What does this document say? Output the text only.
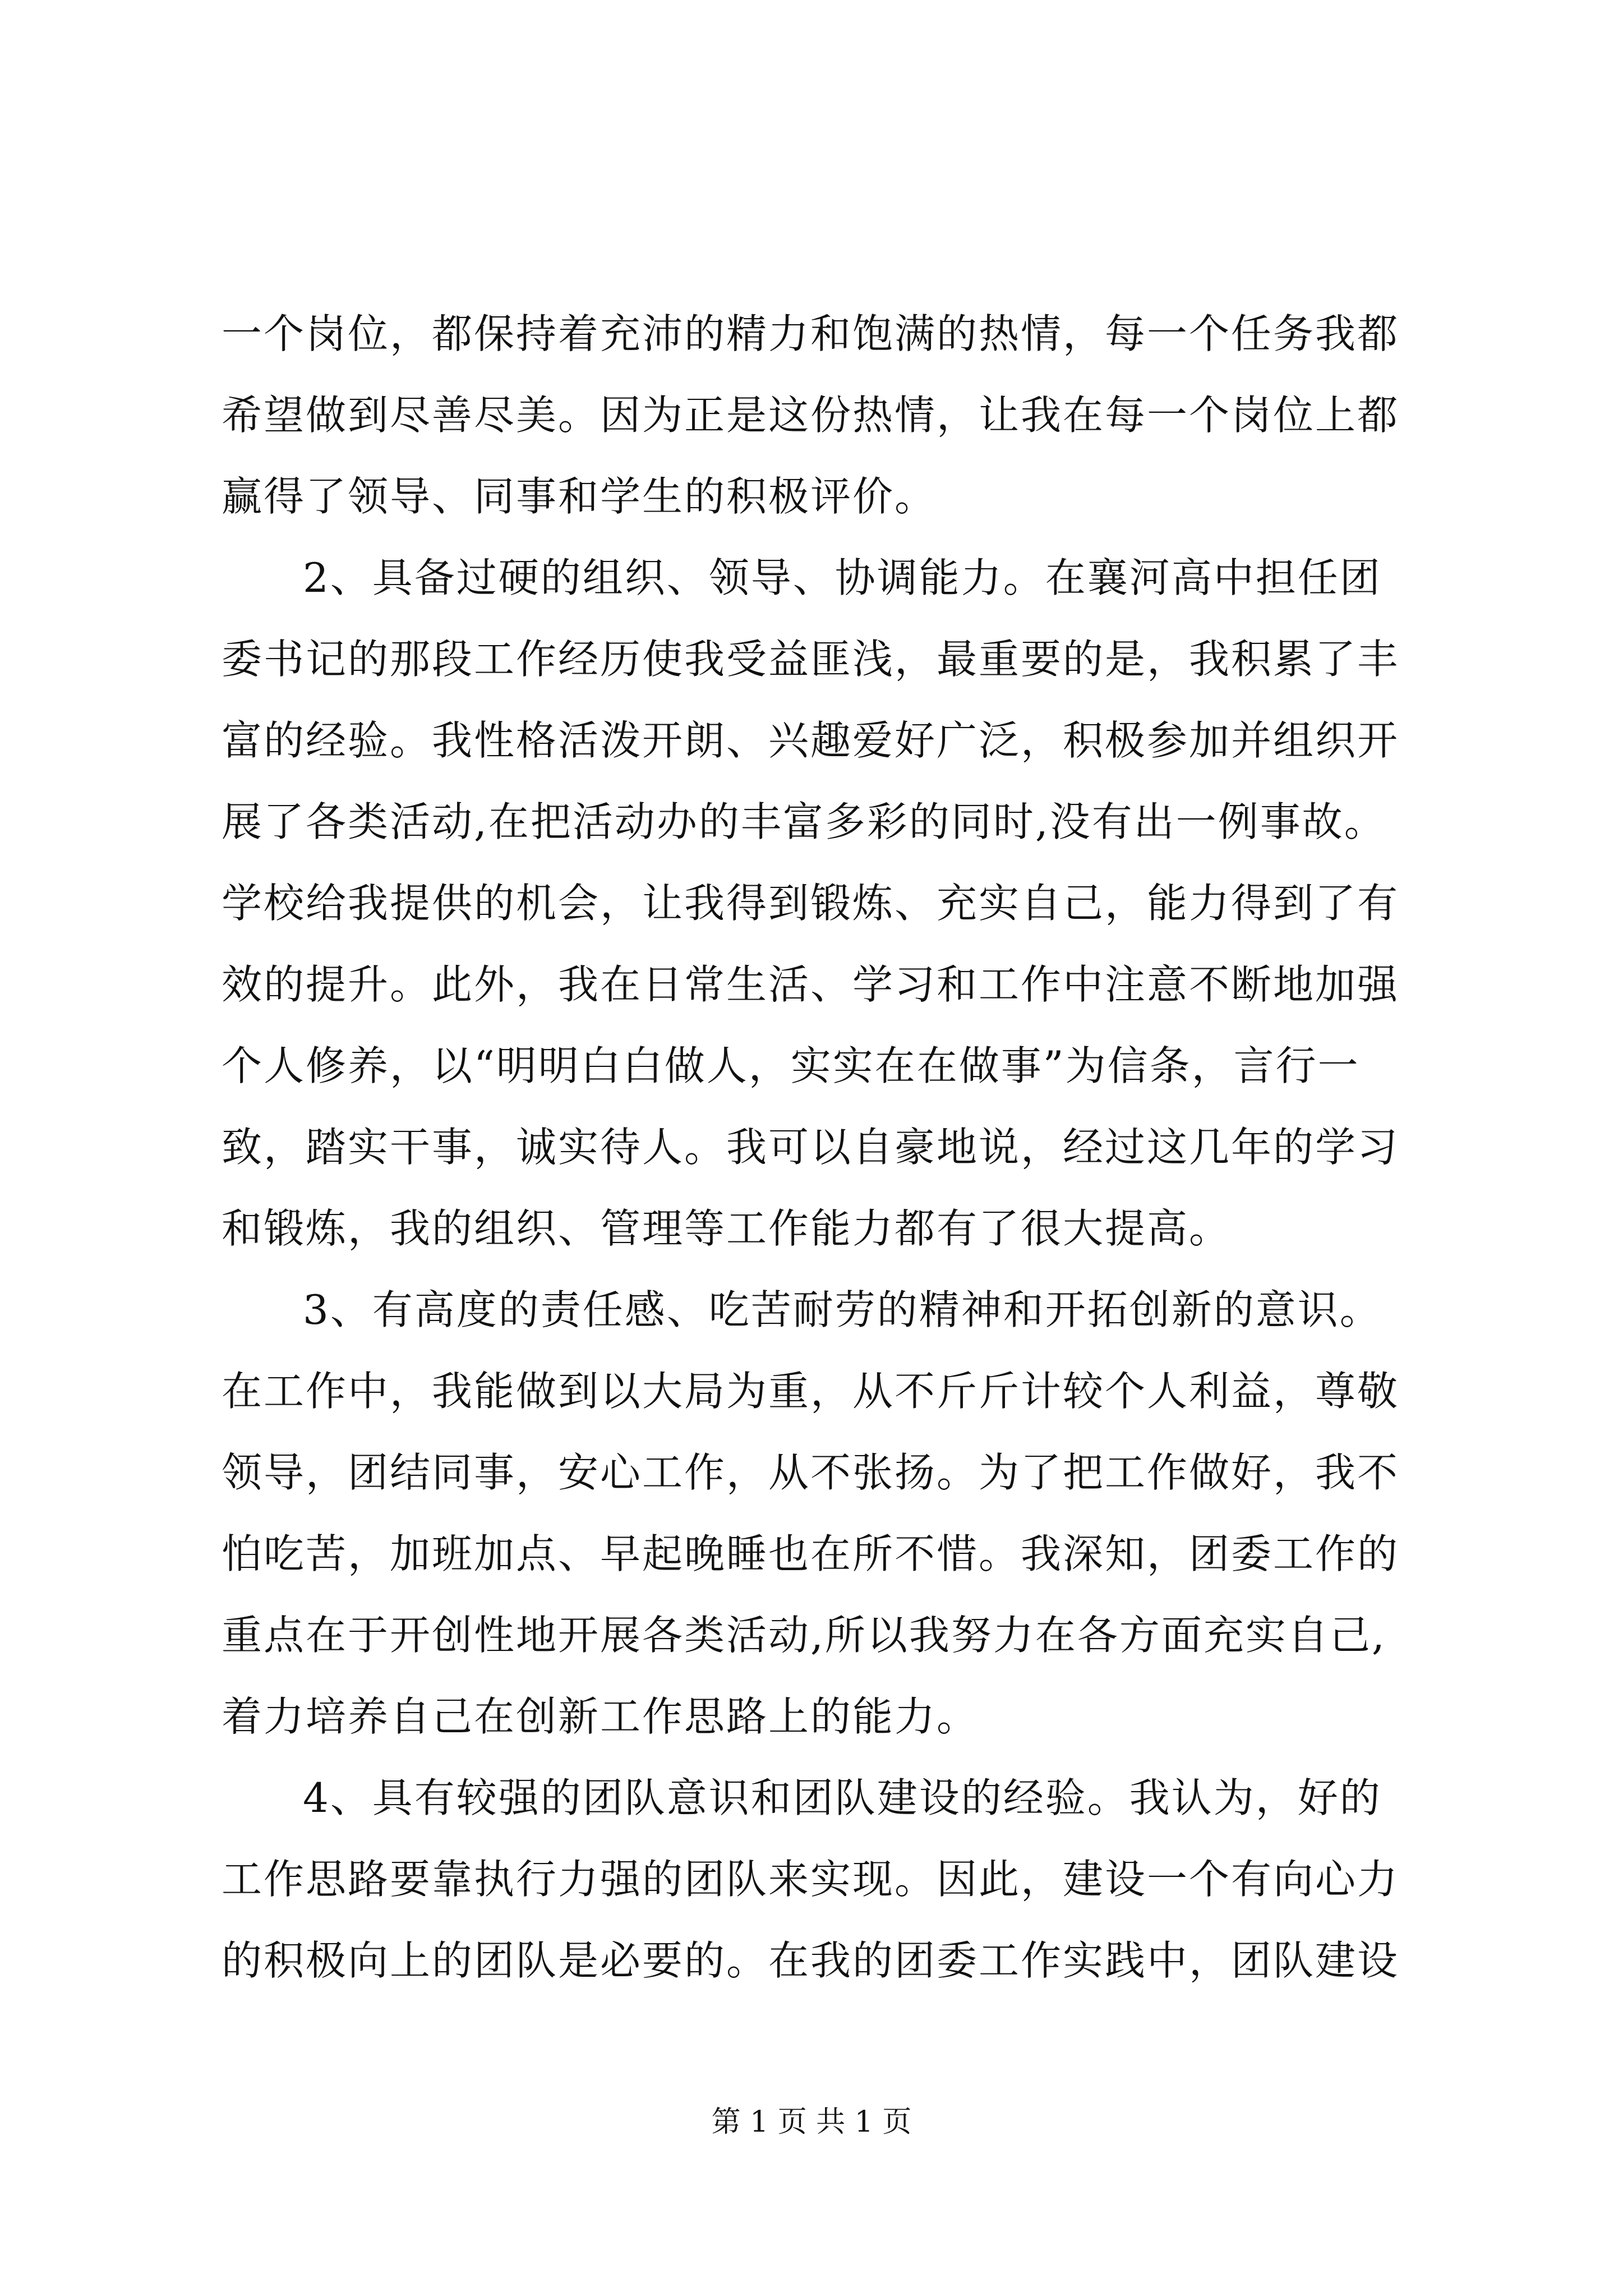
一个岗位，都保持着充沛的精力和饱满的热情，每一个任务我都
希望做到尽善尽美。因为正是这份热情，让我在每一个岗位上都
赢得了领导、同事和学生的积极评价。
2、具备过硬的组织、领导、协调能力。在襄河高中担任团
委书记的那段工作经历使我受益匪浅，最重要的是，我积累了丰
富的经验。我性格活泼开朗、兴趣爱好广泛，积极参加并组织开
展了各类活动,在把活动办的丰富多彩的同时,没有出一例事故。
学校给我提供的机会，让我得到锻炼、充实自己，能力得到了有
效的提升。此外，我在日常生活、学习和工作中注意不断地加强
个人修养，以“明明白白做人，实实在在做事”为信条，言行一
致，踏实干事，诚实待人。我可以自豪地说，经过这几年的学习
和锻炼，我的组织、管理等工作能力都有了很大提高。
3、有高度的责任感、吃苦耐劳的精神和开拓创新的意识。
在工作中，我能做到以大局为重，从不斤斤计较个人利益，尊敬
领导，团结同事，安心工作，从不张扬。为了把工作做好，我不
怕吃苦，加班加点、早起晚睡也在所不惜。我深知，团委工作的
重点在于开创性地开展各类活动,所以我努力在各方面充实自己,
着力培养自己在创新工作思路上的能力。
4、具有较强的团队意识和团队建设的经验。我认为，好的
工作思路要靠执行力强的团队来实现。因此，建设一个有向心力
的积极向上的团队是必要的。在我的团委工作实践中，团队建设
第 1 页 共 1 页
